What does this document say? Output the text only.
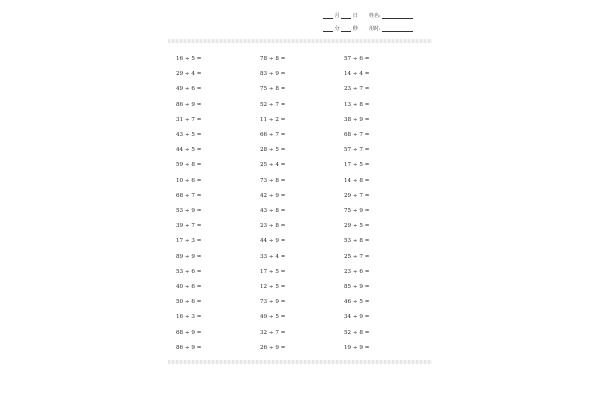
月	日 姓名:
分	秒 用时:
16 ÷ 5 =
29 ÷ 4 =
49 ÷ 6 =
86 ÷ 9 =
31 ÷ 7 =
43 ÷ 5 =
44 ÷ 5 =
59 ÷ 8 =
10 ÷ 6 =
68 ÷ 7 =
53 ÷ 9 =
39 ÷ 7 =
17 ÷ 3 =
89 ÷ 9 =
53 ÷ 6 =
40 ÷ 6 =
50 ÷ 6 =
16 ÷ 3 =
68 ÷ 9 =
86 ÷ 9 =
78 ÷ 8 =
83 ÷ 9 =
75 ÷ 8 =
52 ÷ 7 =
11 ÷ 2 =
66 ÷ 7 =
28 ÷ 5 =
25 ÷ 4 =
73 ÷ 8 =
42 ÷ 9 =
43 ÷ 8 =
23 ÷ 8 =
44 ÷ 9 =
33 ÷ 4 =
17 ÷ 5 =
12 ÷ 5 =
73 ÷ 9 =
49 ÷ 5 =
32 ÷ 7 =
26 ÷ 9 =
57 ÷ 6 =
14 ÷ 4 =
23 ÷ 7 =
13 ÷ 8 =
38 ÷ 9 =
68 ÷ 7 =
57 ÷ 7 =
17 ÷ 5 =
14 ÷ 8 =
29 ÷ 7 =
75 ÷ 9 =
29 ÷ 5 =
53 ÷ 8 =
25 ÷ 7 =
23 ÷ 6 =
85 ÷ 9 =
46 ÷ 5 =
34 ÷ 9 =
52 ÷ 8 =
19 ÷ 9 =
